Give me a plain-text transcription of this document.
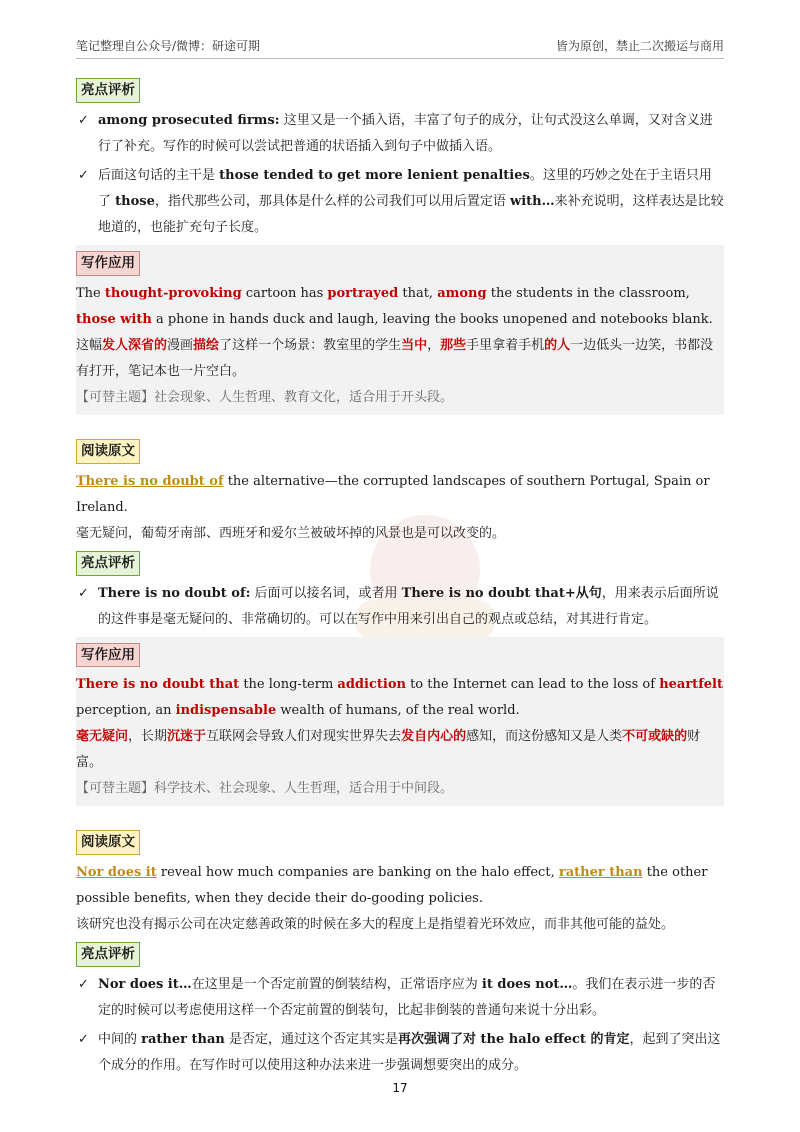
笔记整理自公众号/微博：研途可期	皆为原创，禁止二次搬运与商用
亮点评析
✓ among prosecuted firms: 这里又是一个插入语，丰富了句子的成分，让句式没这么单调，又对含义进行了补充。写作的时候可以尝试把普通的状语插入到句子中做插入语。
✓ 后面这句话的主干是 those tended to get more lenient penalties。这里的巧妙之处在于主语只用了 those，指代那些公司，那具体是什么样的公司我们可以用后置定语 with…来补充说明，这样表达是比较地道的，也能扩充句子长度。
写作应用
The thought-provoking cartoon has portrayed that, among the students in the classroom, those with a phone in hands duck and laugh, leaving the books unopened and notebooks blank.
这幅发人深省的漫画描绘了这样一个场景：教室里的学生当中，那些手里拿着手机的人一边低头一边笑，书都没有打开，笔记本也一片空白。
【可替主题】社会现象、人生哲理、教育文化，适合用于开头段。
阅读原文
There is no doubt of the alternative—the corrupted landscapes of southern Portugal, Spain or Ireland.
毫无疑问，葡萄牙南部、西班牙和爱尔兰被破坏掉的风景也是可以改变的。
亮点评析
✓ There is no doubt of: 后面可以接名词，或者用 There is no doubt that+从句，用来表示后面所说的这件事是毫无疑问的、非常确切的。可以在写作中用来引出自己的观点或总结，对其进行肯定。
写作应用
There is no doubt that the long-term addiction to the Internet can lead to the loss of heartfelt perception, an indispensable wealth of humans, of the real world.
毫无疑问，长期沉迷于互联网会导致人们对现实世界失去发自内心的感知，而这份感知又是人类不可或缺的财富。
【可替主题】科学技术、社会现象、人生哲理，适合用于中间段。
阅读原文
Nor does it reveal how much companies are banking on the halo effect, rather than the other possible benefits, when they decide their do-gooding policies.
该研究也没有揭示公司在决定慈善政策的时候在多大的程度上是指望着光环效应，而非其他可能的益处。
亮点评析
✓ Nor does it…在这里是一个否定前置的倒装结构，正常语序应为 it does not…。我们在表示进一步的否定的时候可以考虑使用这样一个否定前置的倒装句，比起非倒装的普通句来说十分出彩。
✓ 中间的 rather than 是否定，通过这个否定其实是再次强调了对 the halo effect 的肯定，起到了突出这个成分的作用。在写作时可以使用这种办法来进一步强调想要突出的成分。
17
